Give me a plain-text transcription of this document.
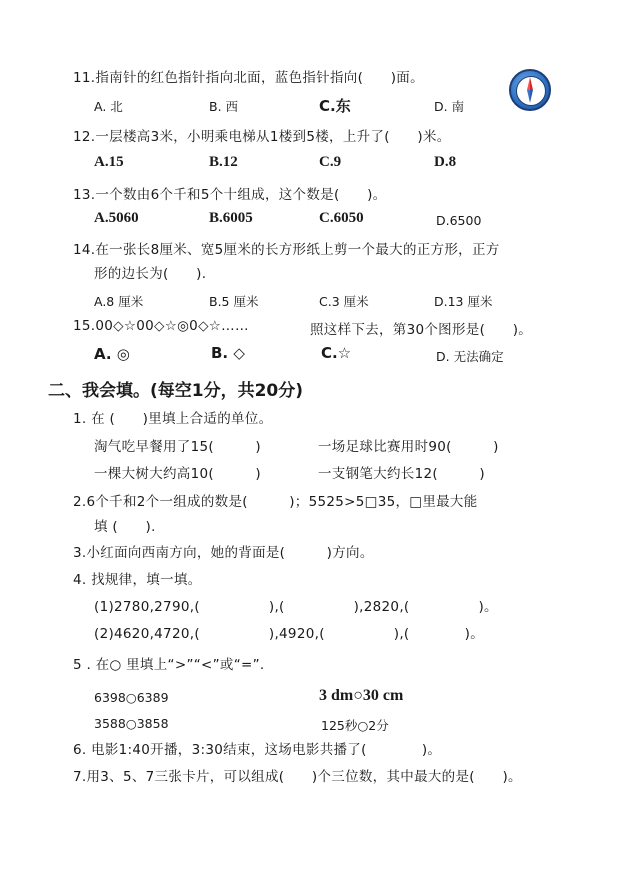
11.指南针的红色指针指向北面，蓝色指针指向(　　)面。
A. 北	B. 西	C.东	D. 南
12.一层楼高3米，小明乘电梯从1楼到5楼，上升了(　　)米。
A.15	B.12	C.9	D.8
13.一个数由6个千和5个十组成，这个数是(　　)。
A.5060	B.6005	C.6050	D.6500
14.在一张长8厘米、宽5厘米的长方形纸上剪一个最大的正方形，正方
形的边长为(　　).
A.8 厘米	B.5 厘米	C.3 厘米	D.13 厘米
15.00◇☆00◇☆◎0◇☆……	照这样下去，第30个图形是(　　)。
A. ◎	B. ◇	C.☆	D. 无法确定
二、我会填。(每空1分，共20分)
1. 在 (　　)里填上合适的单位。
淘气吃早餐用了15(　　　)	一场足球比赛用时90(　　　)
一棵大树大约高10(　　　)	一支钢笔大约长12(　　　)
2.6个千和2个一组成的数是(　　　)；5525>5□35，□里最大能
填 (　　).
3.小红面向西南方向，她的背面是(　　　)方向。
4. 找规律，填一填。
(1)2780,2790,(　　　　　),(　　　　　),2820,(　　　　　)。
(2)4620,4720,(　　　　　),4920,(　　　　　),(　　　　)。
5 . 在○ 里填上“>”“<”或“=”.
6398○6389	3 dm○30 cm
3588○3858	125秒○2分
6. 电影1:40开播，3:30结束，这场电影共播了(　　　　)。
7.用3、5、7三张卡片，可以组成(　　)个三位数，其中最大的是(　　)。
